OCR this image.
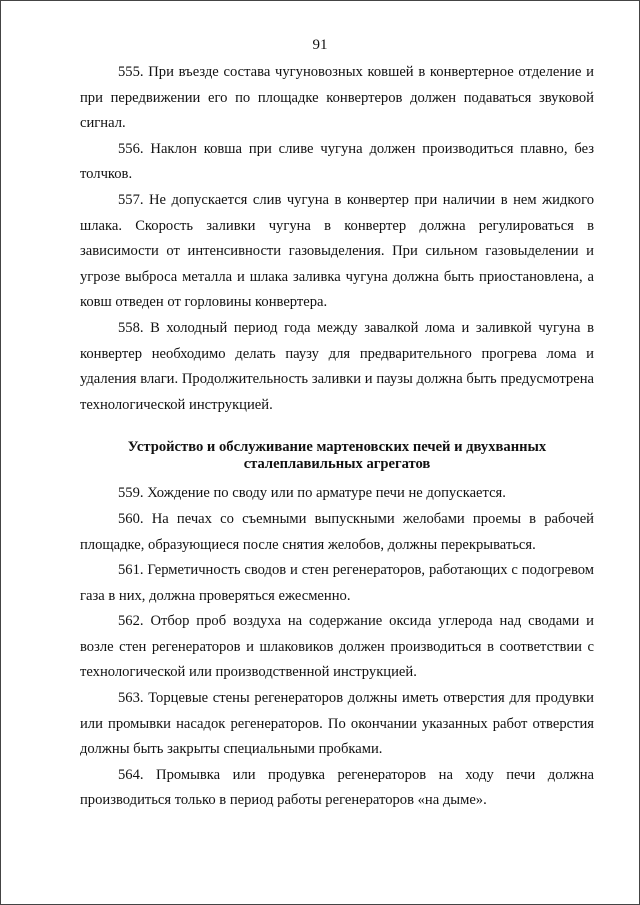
91

555. При въезде состава чугуновозных ковшей в конвертерное отделение и при передвижении его по площадке конвертеров должен подаваться звуковой сигнал.

556. Наклон ковша при сливе чугуна должен производиться плавно, без толчков.

557. Не допускается слив чугуна в конвертер при наличии в нем жидкого шлака. Скорость заливки чугуна в конвертер должна регулироваться в зависимости от интенсивности газовыделения. При сильном газовыделении и угрозе выброса металла и шлака заливка чугуна должна быть приостановлена, а ковш отведен от горловины конвертера.

558. В холодный период года между завалкой лома и заливкой чугуна в конвертер необходимо делать паузу для предварительного прогрева лома и удаления влаги. Продолжительность заливки и паузы должна быть предусмотрена технологической инструкцией.

Устройство и обслуживание мартеновских печей и двухванных сталеплавильных агрегатов

559. Хождение по своду или по арматуре печи не допускается.

560. На печах со съемными выпускными желобами проемы в рабочей площадке, образующиеся после снятия желобов, должны перекрываться.

561. Герметичность сводов и стен регенераторов, работающих с подогревом газа в них, должна проверяться ежесменно.

562. Отбор проб воздуха на содержание оксида углерода над сводами и возле стен регенераторов и шлаковиков должен производиться в соответствии с технологической или производственной инструкцией.

563. Торцевые стены регенераторов должны иметь отверстия для продувки или промывки насадок регенераторов. По окончании указанных работ отверстия должны быть закрыты специальными пробками.

564. Промывка или продувка регенераторов на ходу печи должна производиться только в период работы регенераторов «на дыме».
